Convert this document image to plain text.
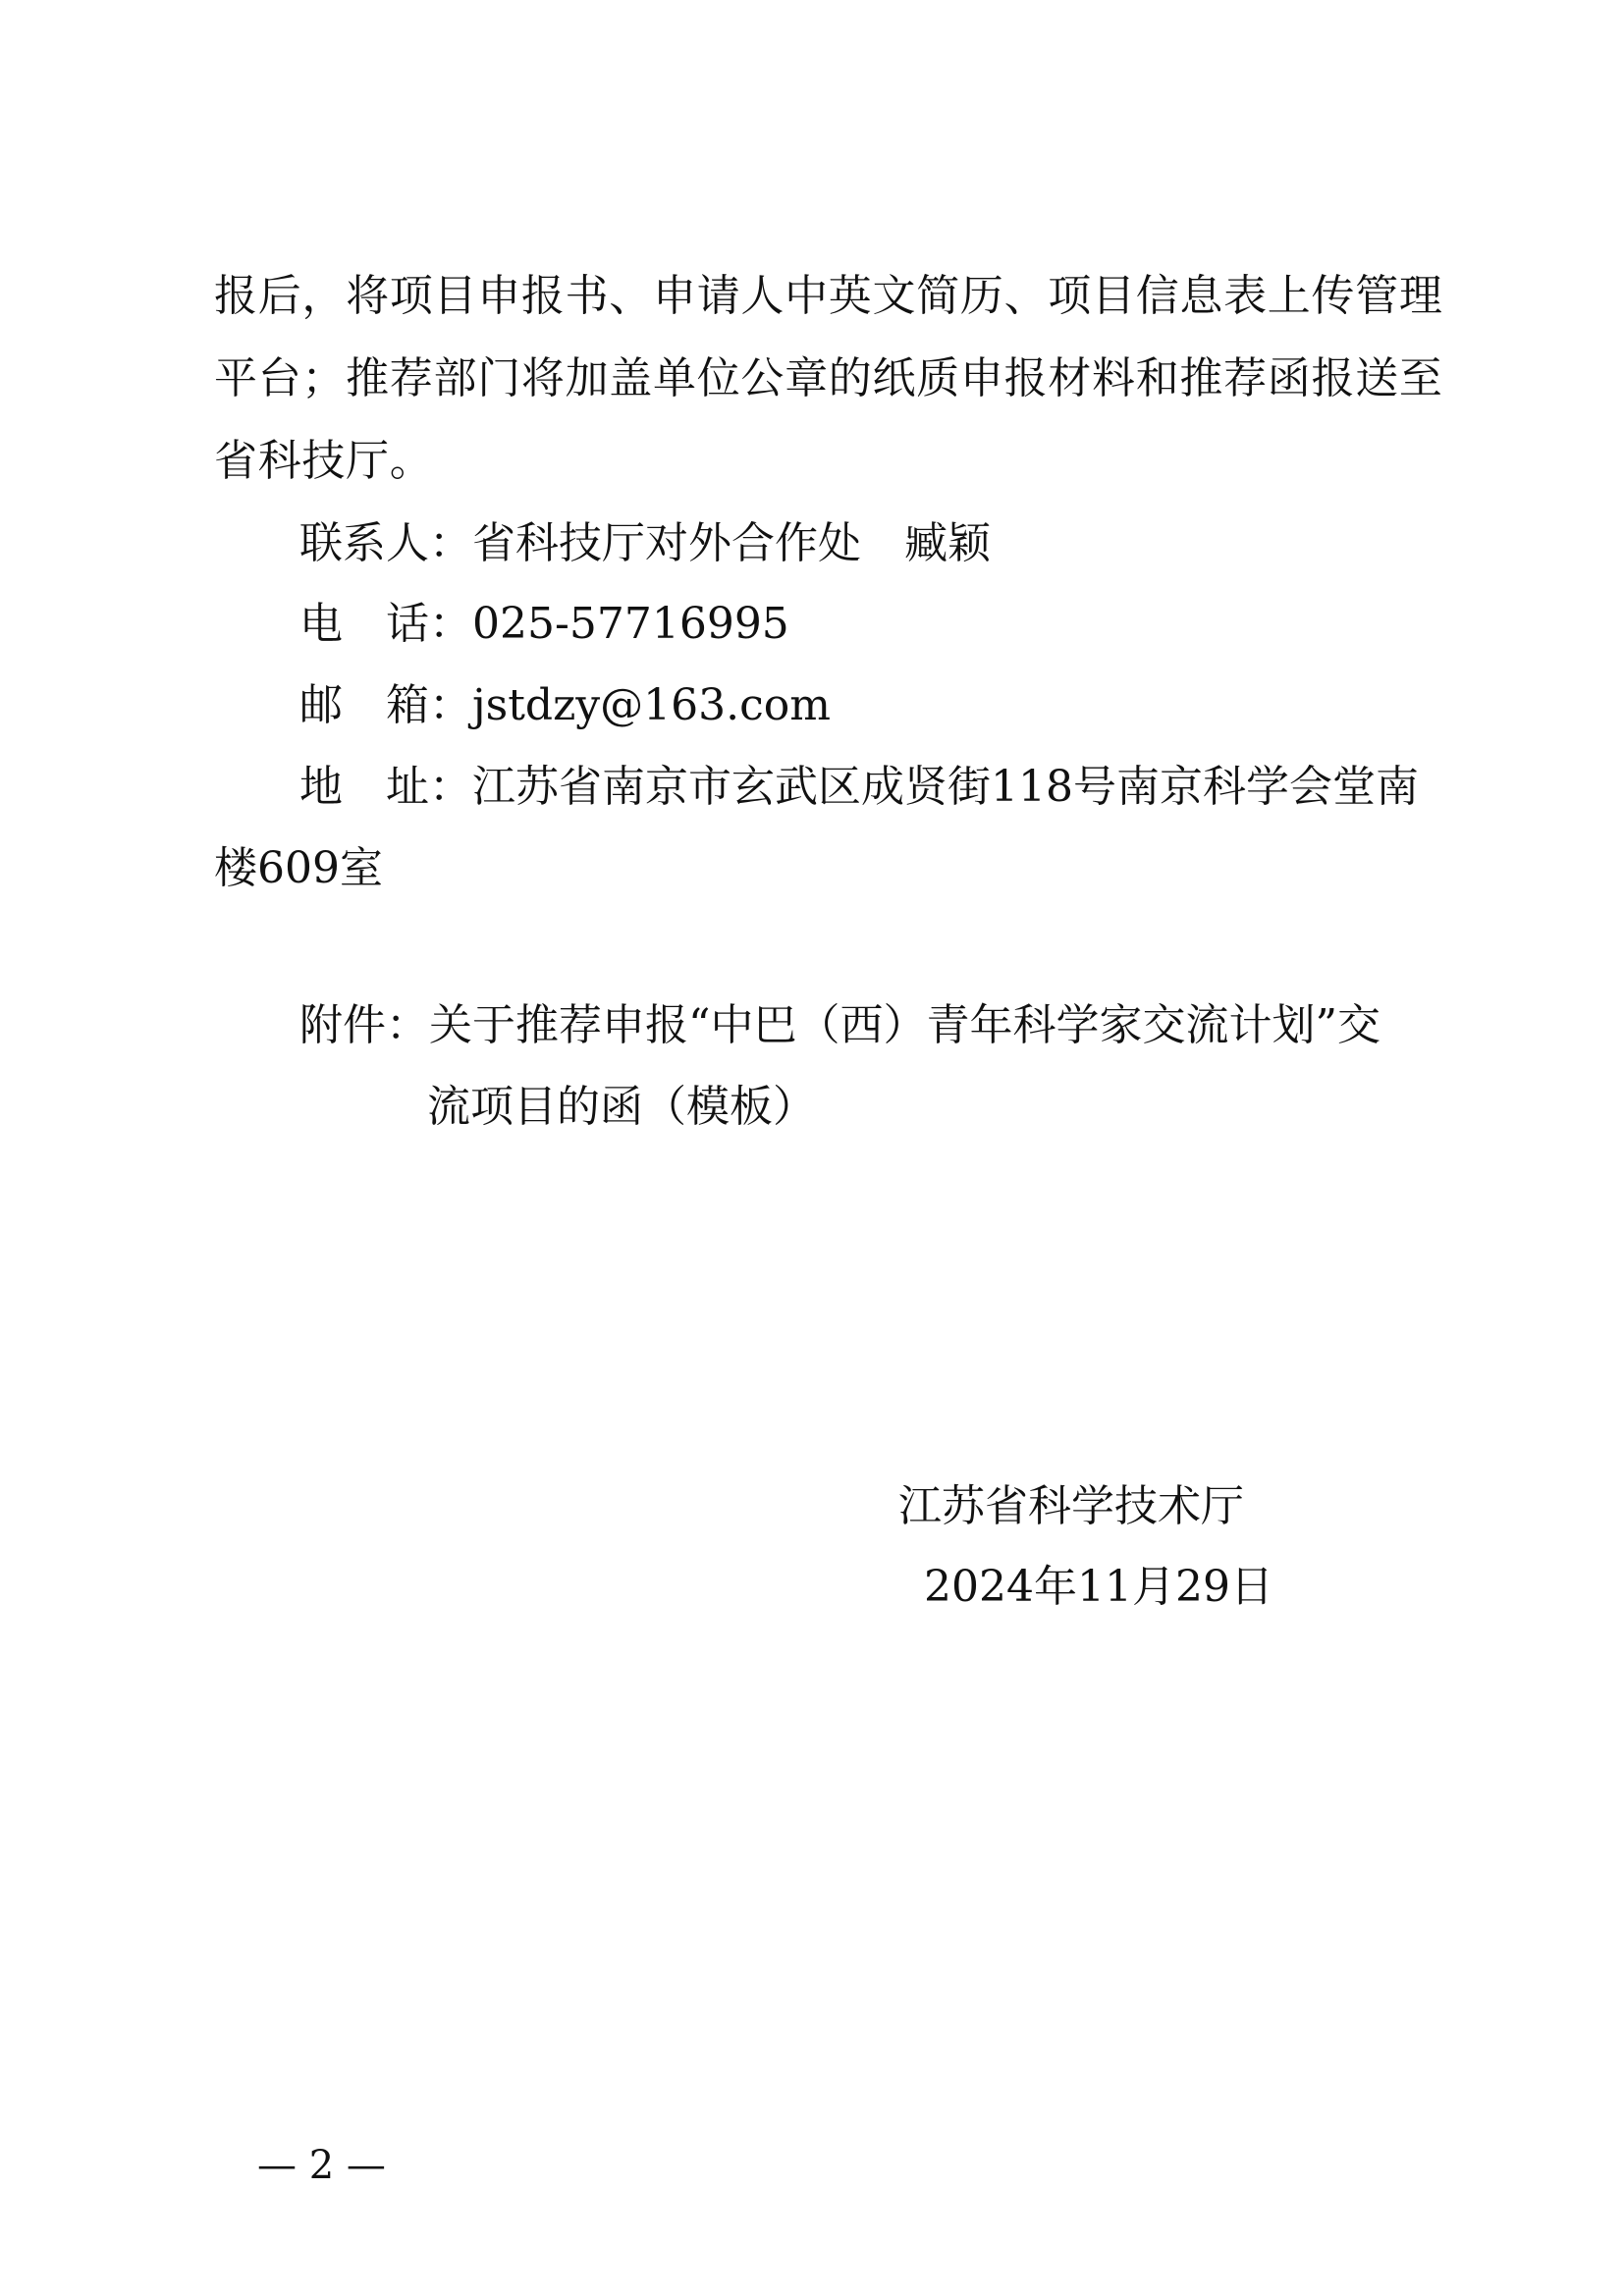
报后，将项目申报书、申请人中英文简历、项目信息表上传管理
平台；推荐部门将加盖单位公章的纸质申报材料和推荐函报送至
省科技厅。
联系人：省科技厅对外合作处　臧颖
电　话：025-57716995
邮　箱：jstdzy@163.com
地　址：江苏省南京市玄武区成贤街118号南京科学会堂南
楼609室
附件：关于推荐申报“中巴（西）青年科学家交流计划”交
流项目的函（模板）
江苏省科学技术厅
2024年11月29日
— 2 —
